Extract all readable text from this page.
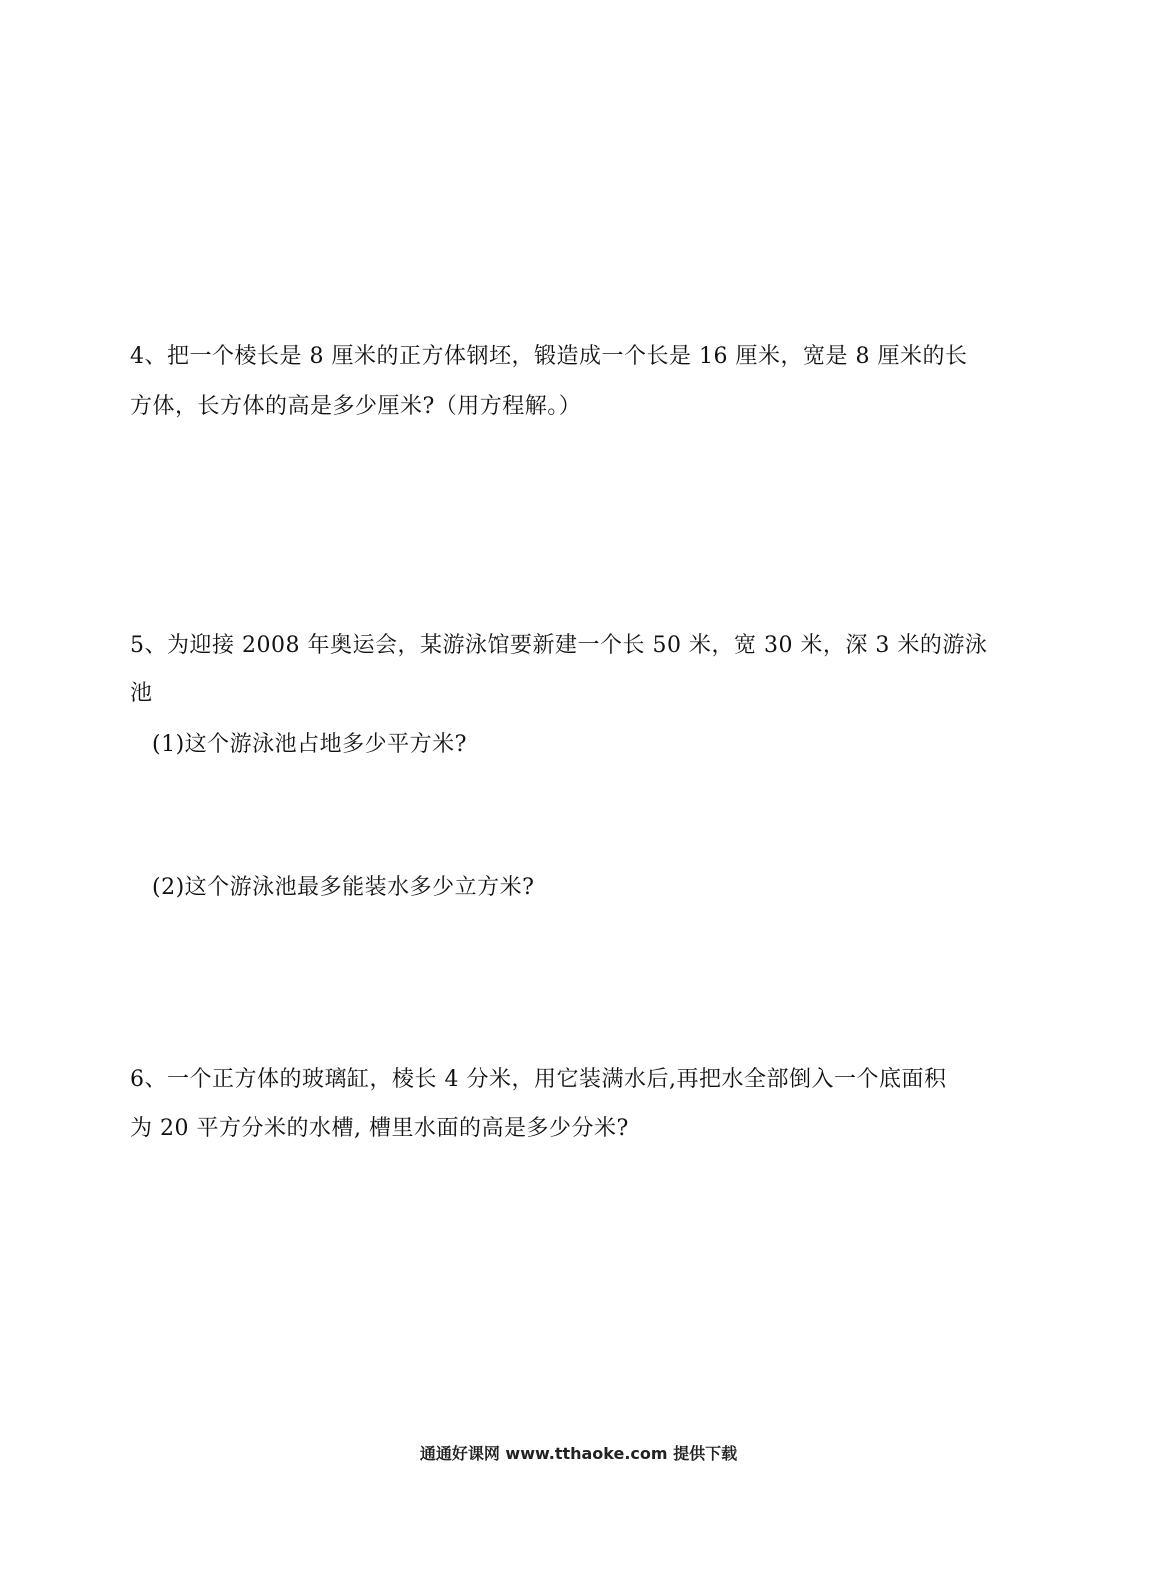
4、把一个棱长是 8 厘米的正方体钢坯，锻造成一个长是 16 厘米，宽是 8 厘米的长
方体，长方体的高是多少厘米?（用方程解。）
5、为迎接 2008 年奥运会，某游泳馆要新建一个长 50 米，宽 30 米，深 3 米的游泳
池
(1)这个游泳池占地多少平方米?
(2)这个游泳池最多能装水多少立方米?
6、一个正方体的玻璃缸，棱长 4 分米，用它装满水后,再把水全部倒入一个底面积
为 20 平方分米的水槽, 槽里水面的高是多少分米?
通通好课网 www.tthaoke.com 提供下载
